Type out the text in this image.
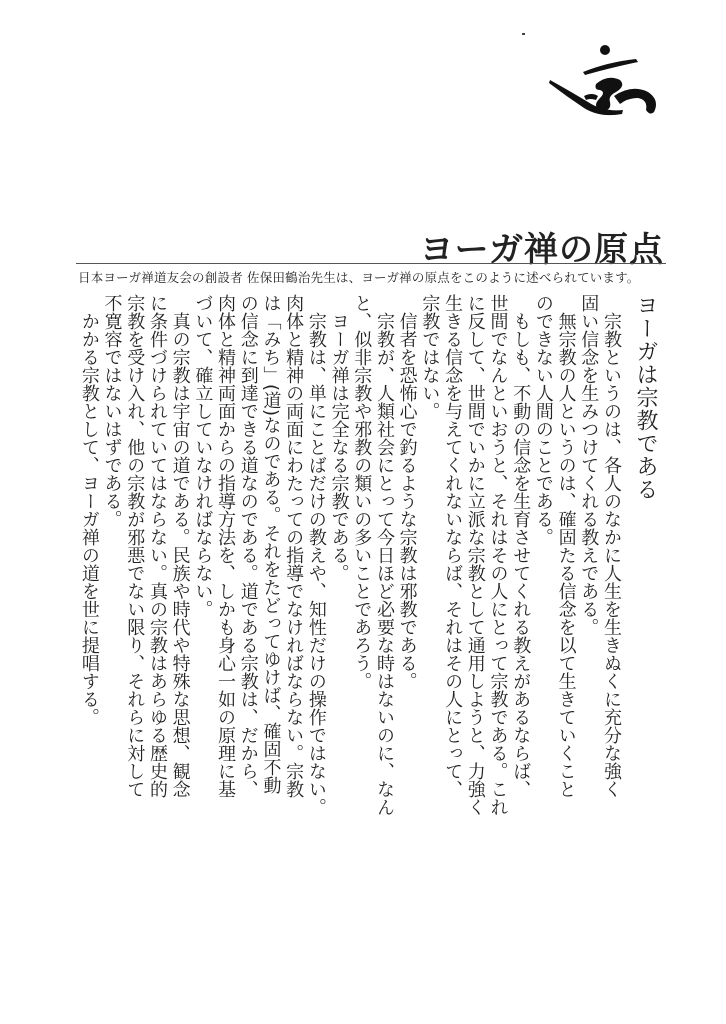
ヨーガ禅の原点
日本ヨーガ禅道友会の創設者 佐保田鶴治先生は、ヨーガ禅の原点をこのように述べられています。
ヨーガは宗教である
　宗教というのは、各人のなかに人生を生きぬくに充分な強く
固い信念を生みつけてくれる教えである。
　無宗教の人というのは、確固たる信念を以て生きていくこと
のできない人間のことである。
　もしも、不動の信念を生育させてくれる教えがあるならば、
世間でなんといおうと、それはその人にとって宗教である。これ
に反して、世間でいかに立派な宗教として通用しようと、力強く
生きる信念を与えてくれないならば、それはその人にとって、
宗教ではない。
　信者を恐怖心で釣るような宗教は邪教である。
　宗教が、人類社会にとって今日ほど必要な時はないのに、なん
と、似非宗教や邪教の類いの多いことであろう。
　ヨーガ禅は完全なる宗教である。
　宗教は、単にことばだけの教えや、知性だけの操作ではない。
肉体と精神の両面にわたっての指導でなければならない。宗教
は「みち」(道)なのである。それをたどってゆけば、確固不動
の信念に到達できる道なのである。道である宗教は、だから、
肉体と精神両面からの指導方法を、しかも身心一如の原理に基
づいて、確立していなければならない。
　真の宗教は宇宙の道である。民族や時代や特殊な思想、観念
に条件づけられていてはならない。真の宗教はあらゆる歴史的
宗教を受け入れ、他の宗教が邪悪でない限り、それらに対して
不寛容ではないはずである。
　かかる宗教として、ヨーガ禅の道を世に提唱する。
